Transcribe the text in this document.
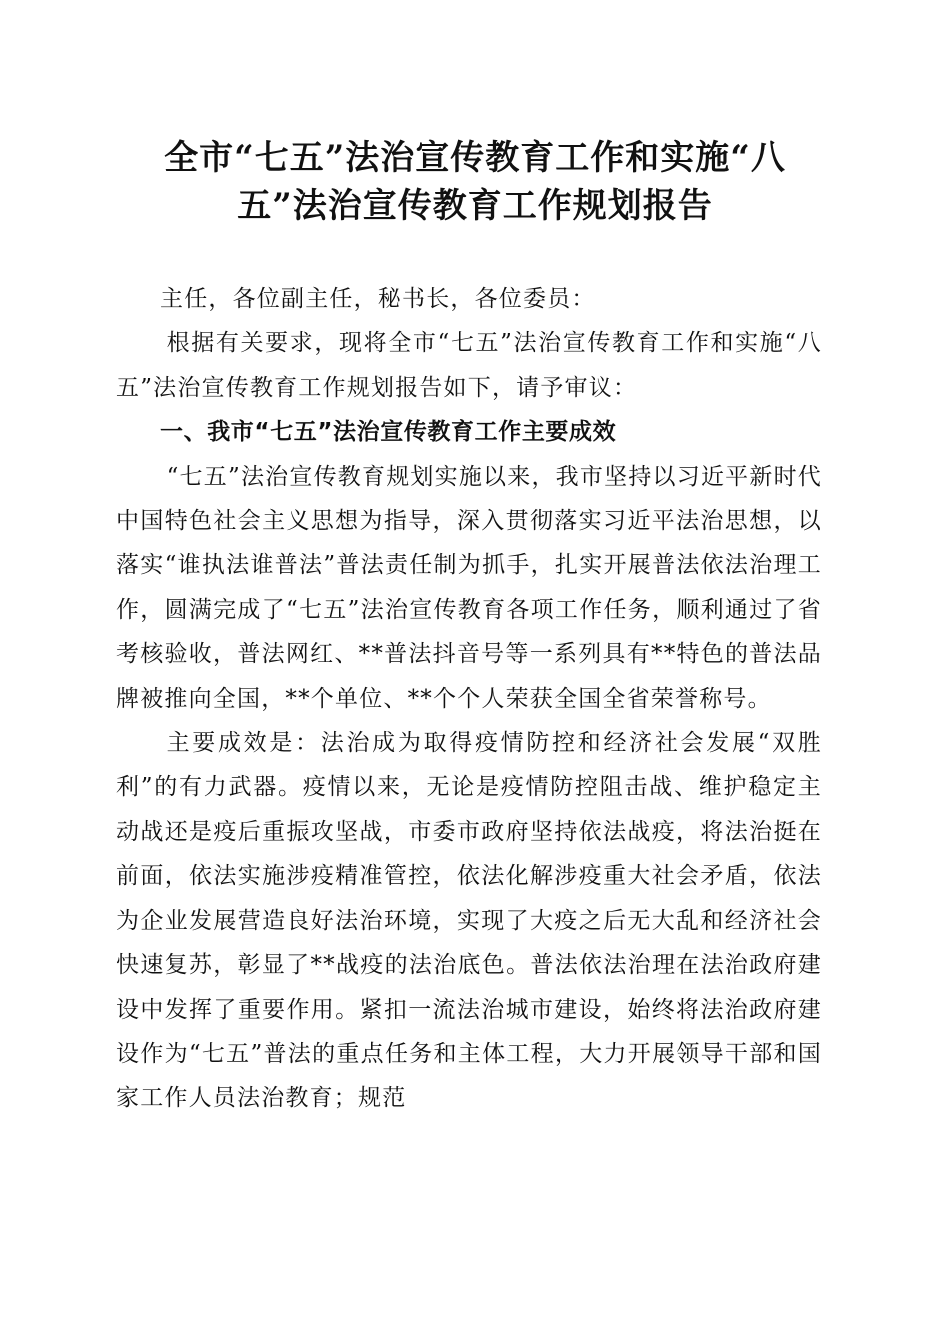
全市“七五”法治宣传教育工作和实施“八
五”法治宣传教育工作规划报告

主任，各位副主任，秘书长，各位委员：

根据有关要求，现将全市“七五”法治宣传教育工作和实施“八五”法治宣传教育工作规划报告如下，请予审议：

一、我市“七五”法治宣传教育工作主要成效

“七五”法治宣传教育规划实施以来，我市坚持以习近平新时代中国特色社会主义思想为指导，深入贯彻落实习近平法治思想，以落实“谁执法谁普法”普法责任制为抓手，扎实开展普法依法治理工作，圆满完成了“七五”法治宣传教育各项工作任务，顺利通过了省考核验收，普法网红、**普法抖音号等一系列具有**特色的普法品牌被推向全国，**个单位、**个个人荣获全国全省荣誉称号。

主要成效是：法治成为取得疫情防控和经济社会发展“双胜利”的有力武器。疫情以来，无论是疫情防控阻击战、维护稳定主动战还是疫后重振攻坚战，市委市政府坚持依法战疫，将法治挺在前面，依法实施涉疫精准管控，依法化解涉疫重大社会矛盾，依法为企业发展营造良好法治环境，实现了大疫之后无大乱和经济社会快速复苏，彰显了**战疫的法治底色。普法依法治理在法治政府建设中发挥了重要作用。紧扣一流法治城市建设，始终将法治政府建设作为“七五”普法的重点任务和主体工程，大力开展领导干部和国家工作人员法治教育；规范
